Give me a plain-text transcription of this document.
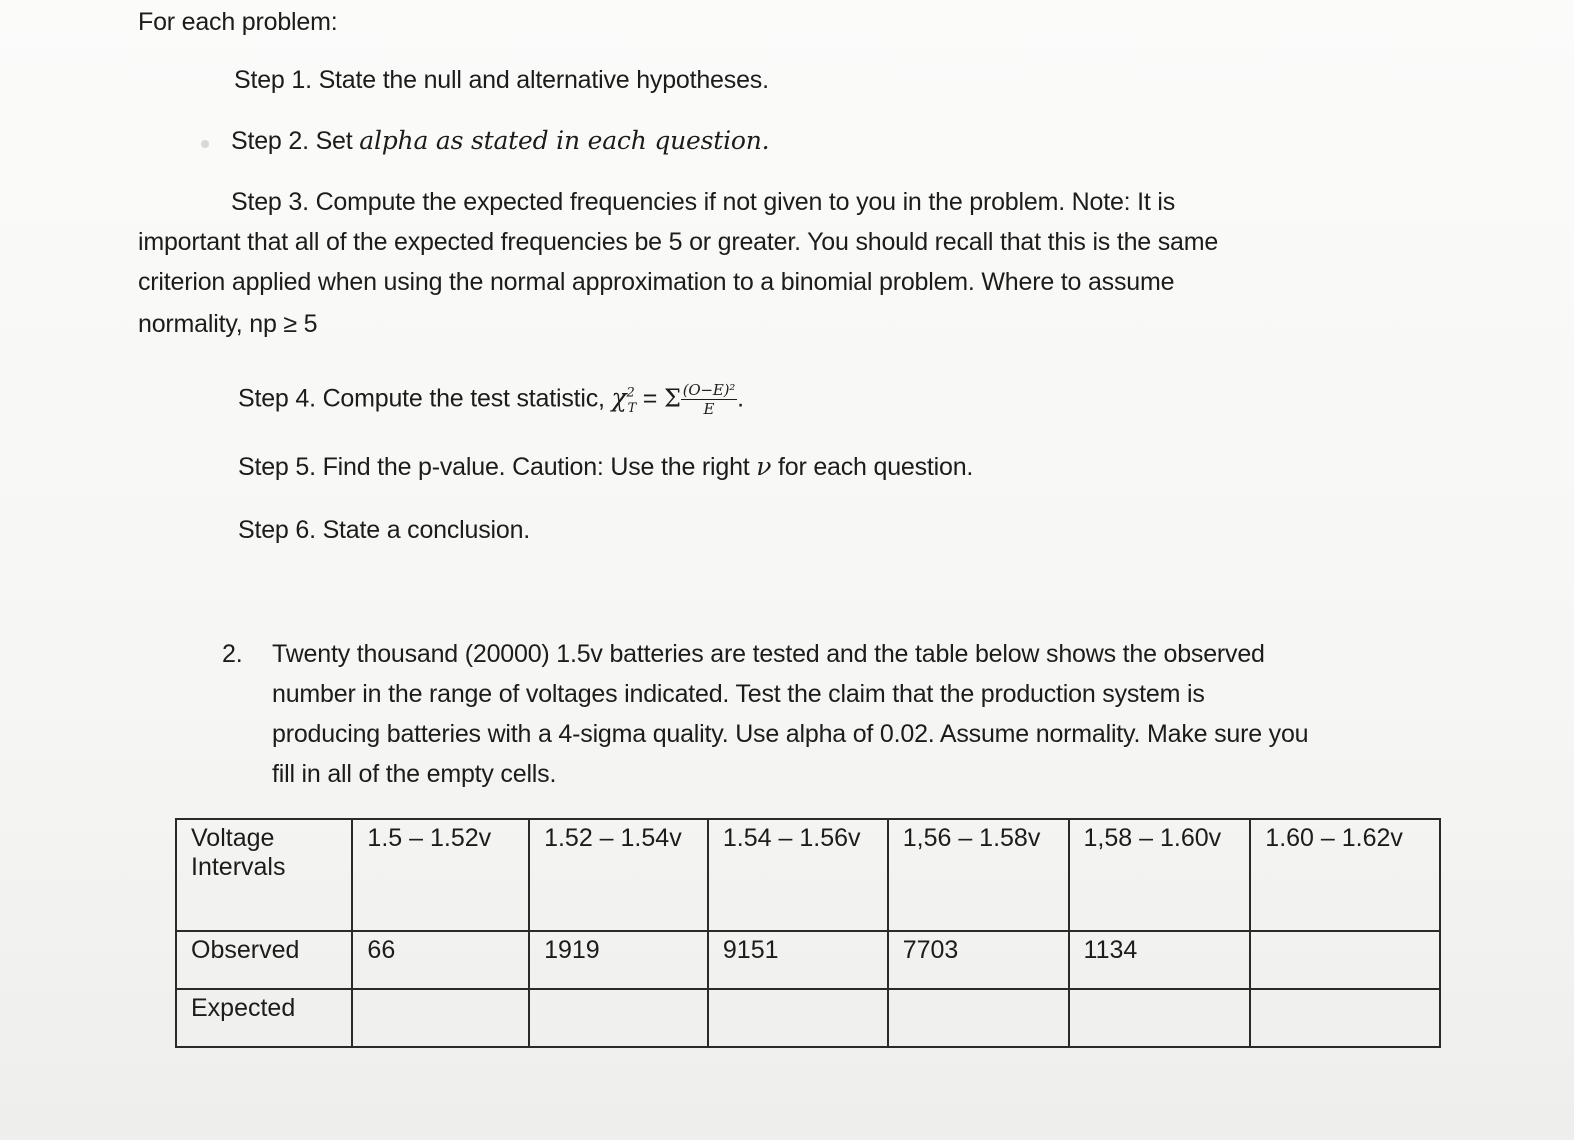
For each problem:
Step 1. State the null and alternative hypotheses.
Step 2. Set alpha as stated in each question.
Step 3. Compute the expected frequencies if not given to you in the problem. Note: It is
important that all of the expected frequencies be 5 or greater. You should recall that this is the same
criterion applied when using the normal approximation to a binomial problem. Where to assume
normality, np ≥ 5
Step 4. Compute the test statistic, $\chi^2_T = \Sigma \frac{\text{(O−E)²}}{E}$ .
Step 5. Find the p-value. Caution: Use the right ν for each question.
Step 6. State a conclusion.
2. Twenty thousand (20000) 1.5v batteries are tested and the table below shows the observed
number in the range of voltages indicated. Test the claim that the production system is
producing batteries with a 4-sigma quality. Use alpha of 0.02. Assume normality. Make sure you
fill in all of the empty cells.
Voltage
Intervals	1.5 – 1.52v	1.52 – 1.54v	1.54 – 1.56v	1,56 – 1.58v	1,58 – 1.60v	1.60 – 1.62v
Observed	66	1919	9151	7703	1134	
Expected						
